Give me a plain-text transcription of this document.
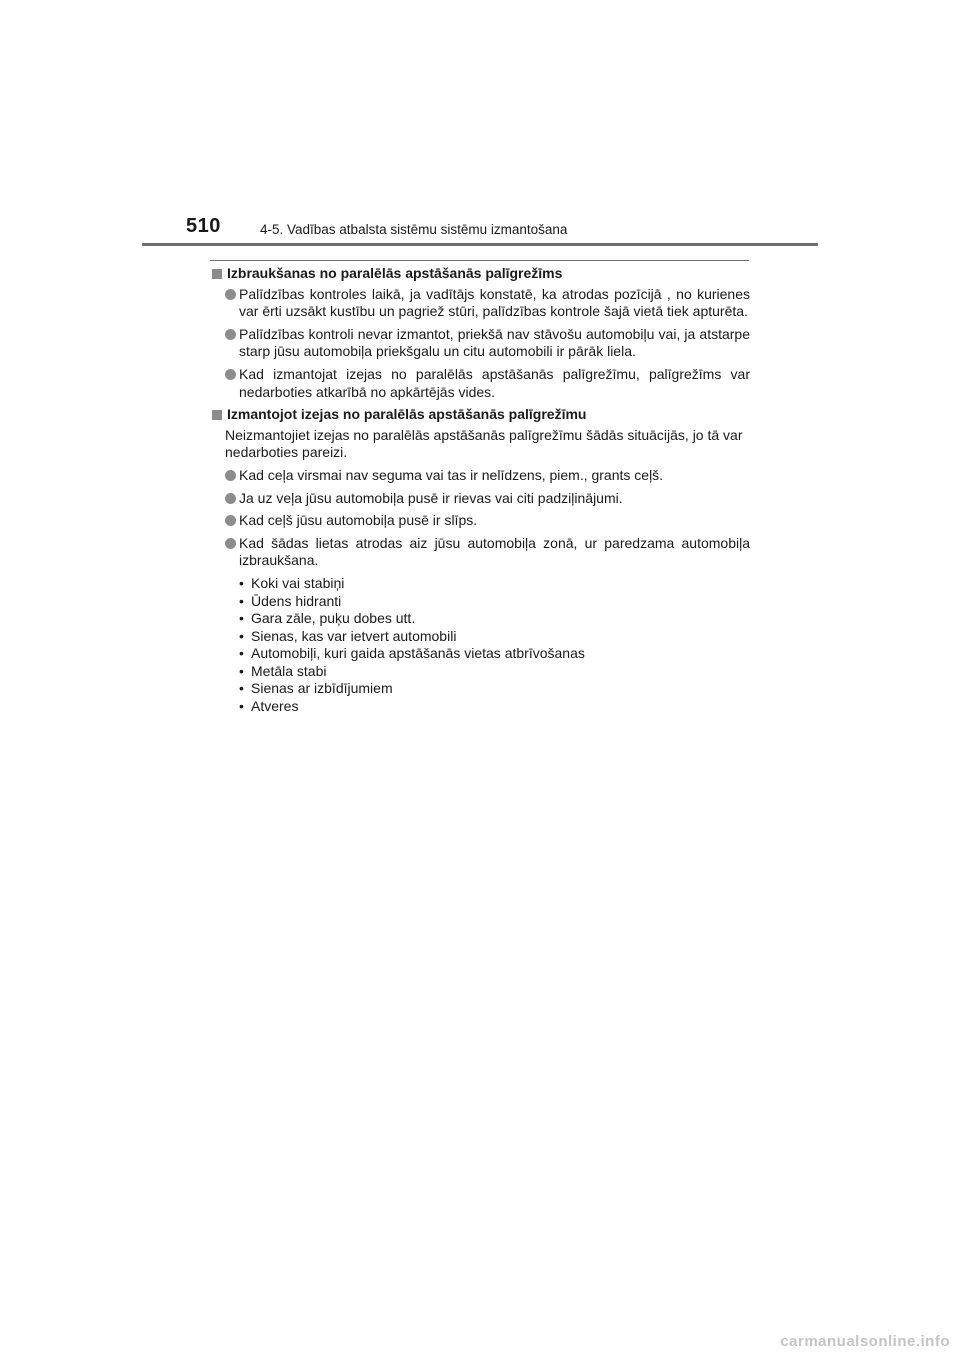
510	4-5. Vadības atbalsta sistēmu sistēmu izmantošana
Izbraukšanas no paralēlās apstāšanās palīgrežīms
Palīdzības kontroles laikā, ja vadītājs konstatē, ka atrodas pozīcijā , no kurienes var ērti uzsākt kustību un pagriež stūri, palīdzības kontrole šajā vietā tiek apturēta.
Palīdzības kontroli nevar izmantot, priekšā nav stāvošu automobiļu vai, ja atstarpe starp jūsu automobiļa priekšgalu un citu automobili ir pārāk liela.
Kad izmantojat izejas no paralēlās apstāšanās palīgrežīmu, palīgrežīms var nedarboties atkarībā no apkārtējās vides.
Izmantojot izejas no paralēlās apstāšanās palīgrežīmu
Neizmantojiet izejas no paralēlās apstāšanās palīgrežīmu šādās situācijās, jo tā var nedarboties pareizi.
Kad ceļa virsmai nav seguma vai tas ir nelīdzens, piem., grants ceļš.
Ja uz veļa jūsu automobiļa pusē ir rievas vai citi padziļinājumi.
Kad ceļš jūsu automobiļa pusē ir slīps.
Kad šādas lietas atrodas aiz jūsu automobiļa zonā, ur paredzama automobiļa izbraukšana.
• Koki vai stabiņi
• Ūdens hidranti
• Gara zāle, puķu dobes utt.
• Sienas, kas var ietvert automobili
• Automobiļi, kuri gaida apstāšanās vietas atbrīvošanas
• Metāla stabi
• Sienas ar izbīdījumiem
• Atveres
carmanualsonline.info
